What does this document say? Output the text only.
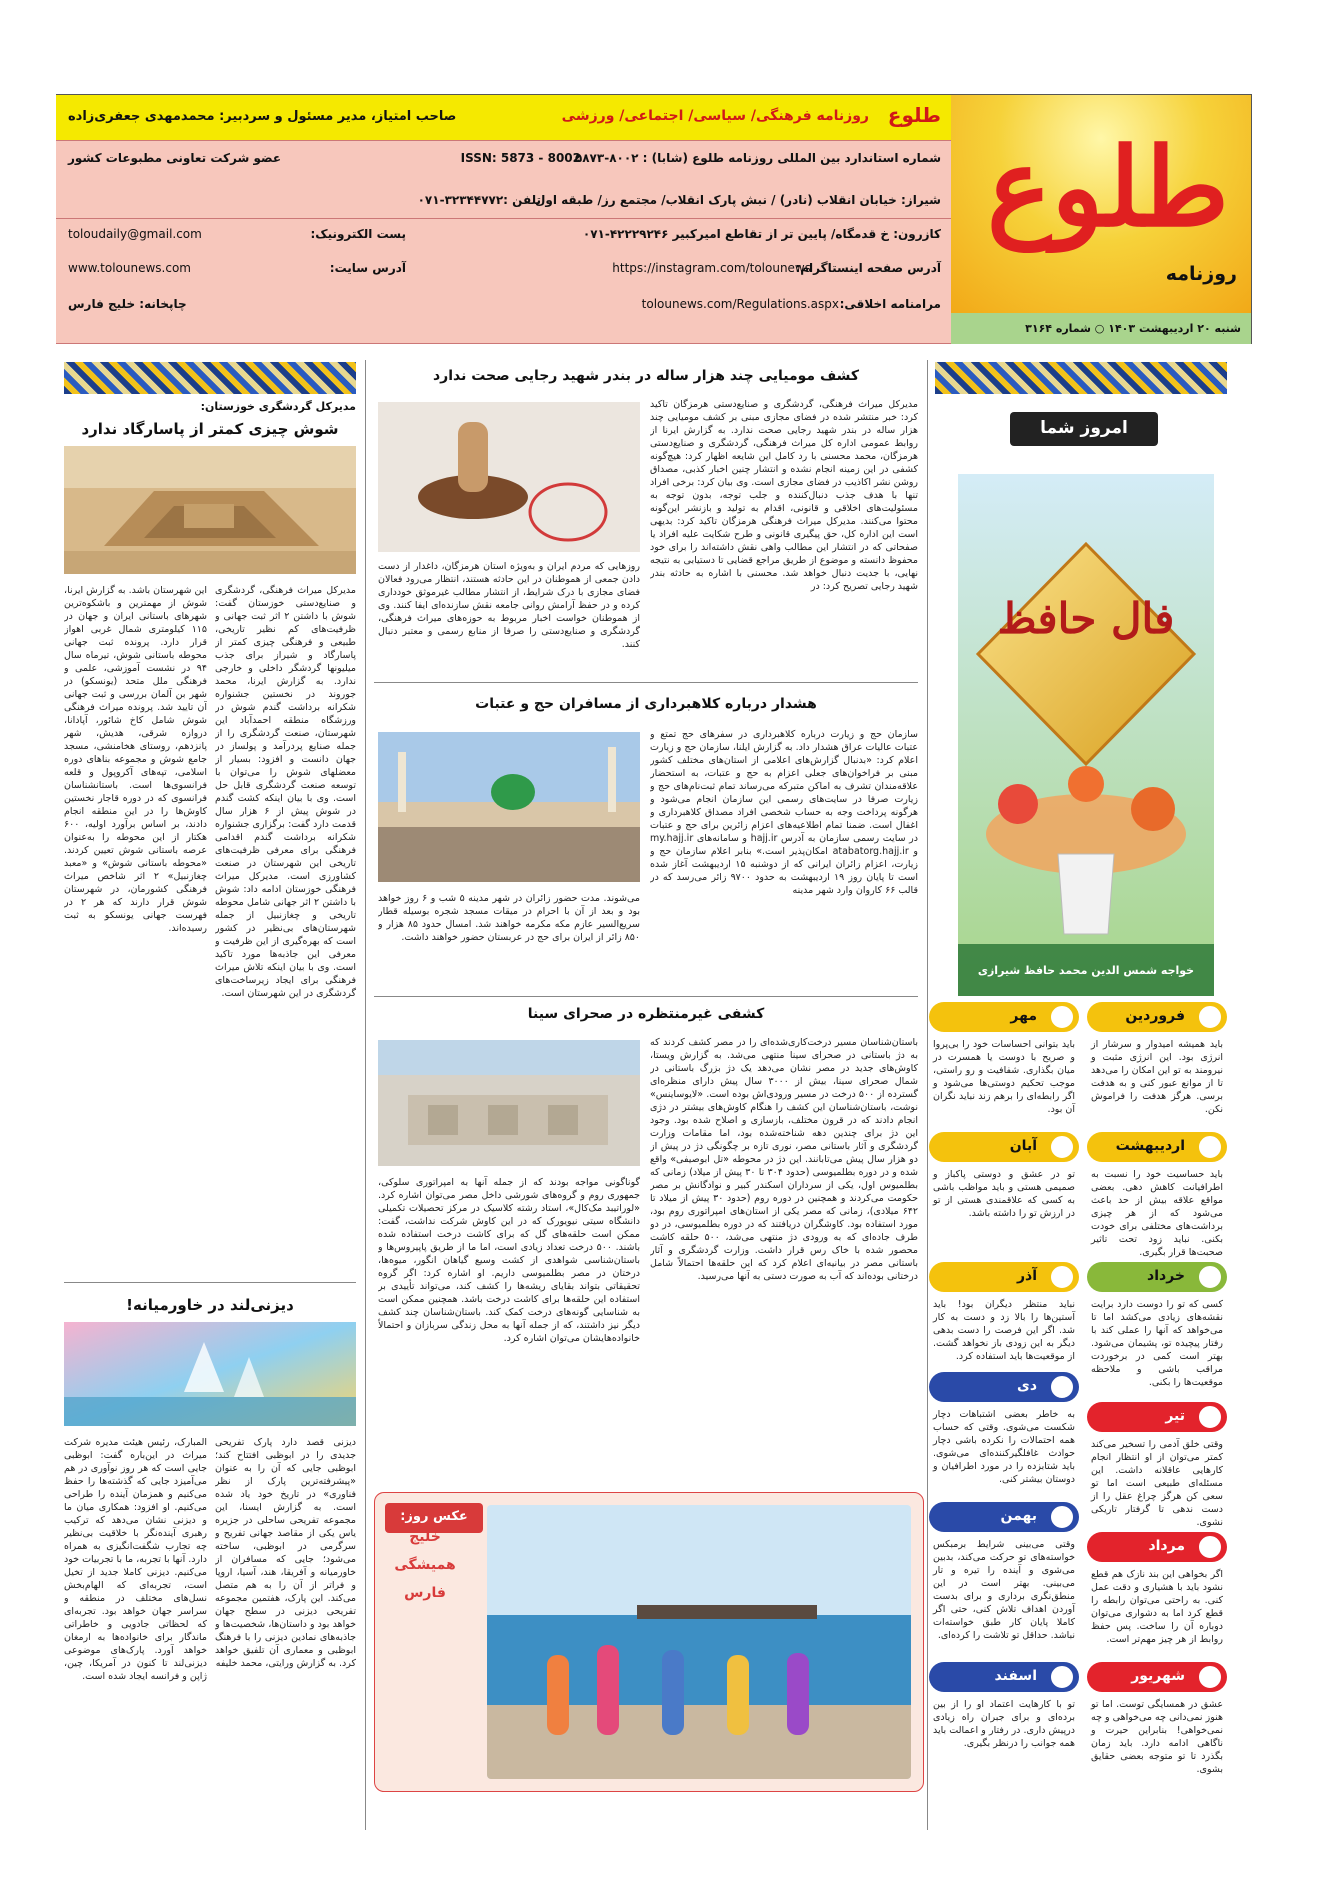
طلوع
روزنامه
شنبه ۲۰ اردیبهشت ۱۴۰۳ ○ شماره ۳۱۶۴
طلوع
روزنامه فرهنگی/ سیاسی/ اجتماعی/ ورزشی
صاحب امتیاز، مدیر مسئول و سردبیر: محمدمهدی جعفری‌زاده
شماره استاندارد بین المللی روزنامه طلوع (شابا) : ۸۰۰۲-۵۸۷۳
ISSN: 5873 - 8002
عضو شرکت تعاونی مطبوعات کشور
شیراز: خیابان انقلاب (نادر) / نبش پارک انقلاب/ مجتمع رز/ طبقه اول
تلفن :۳۲۳۴۴۷۷۲-۰۷۱
کازرون: خ قدمگاه/ پایین تر از تقاطع امیرکبیر ۴۲۲۲۹۲۴۶-۰۷۱
پست الکترونیک:
toloudaily@gmail.com
آدرس صفحه اینستاگرام:
https://instagram.com/tolounews
آدرس سایت:
www.tolounews.com
مرامنامه اخلاقی:
tolounews.com/Regulations.aspx
چاپخانه: خلیج فارس
مدیرکل گردشگری خوزستان:
شوش چیزی کمتر از پاسارگاد ندارد
مدیرکل میراث فرهنگی، گردشگری و صنایع‌دستی خوزستان گفت: شوش با داشتن ۲ اثر ثبت جهانی و ظرفیت‌های کم نظیر تاریخی، طبیعی و فرهنگی چیزی کمتر از پاسارگاد و شیراز برای جذب میلیونها گردشگر داخلی و خارجی ندارد. به گزارش ایرنا، محمد جوروند در نخستین جشنواره شکرانه برداشت گندم شوش در ورزشگاه منطقه احمدآباد این شهرستان، صنعت گردشگری را از جمله صنایع پردرآمد و پولساز در جهان دانست و افزود: بسیار از معضلهای شوش را می‌توان با توسعه صنعت گردشگری قابل حل است. وی با بیان اینکه کشت گندم در شوش پیش از ۶ هزار سال قدمت دارد گفت: برگزاری جشنواره شکرانه برداشت گندم اقدامی فرهنگی برای معرفی ظرفیت‌های تاریخی این شهرستان در صنعت کشاورزی است. مدیرکل میراث فرهنگی خوزستان ادامه داد: شوش با داشتن ۲ اثر جهانی شامل محوطه تاریخی و چغازنبیل از جمله شهرستان‌های بی‌نظیر در کشور است که بهره‌گیری از این ظرفیت و معرفی این جاذبه‌ها مورد تاکید است. وی با بیان اینکه تلاش میراث فرهنگی برای ایجاد زیرساخت‌های گردشگری در این شهرستان است.
این شهرستان باشد. به گزارش ایرنا، شوش از مهمترین و باشکوه‌ترین شهرهای باستانی ایران و جهان در ۱۱۵ کیلومتری شمال غربی اهواز قرار دارد. پرونده ثبت جهانی محوطه باستانی شوش، تیرماه سال ۹۴ در نشست آموزشی، علمی و فرهنگی ملل متحد (یونسکو) در شهر بن آلمان بررسی و ثبت جهانی آن تایید شد. پرونده میراث فرهنگی شوش شامل کاخ شائور، آپادانا، دروازه شرقی، هدیش، شهر پانزدهم، روستای هخامنشی، مسجد جامع شوش و مجموعه بناهای دوره اسلامی، تپه‌های آکروپول و قلعه فرانسوی‌ها است. باستانشناسان فرانسوی که در دوره قاجار نخستین کاوش‌ها را در این منطقه انجام دادند، بر اساس برآورد اولیه، ۶۰۰ هکتار از این محوطه را به‌عنوان عرصه باستانی شوش تعیین کردند. «محوطه باستانی شوش» و «معبد چغازنبیل» ۲ اثر شاخص میراث فرهنگی کشورمان، در شهرستان شوش قرار دارند که هر ۲ در فهرست جهانی یونسکو به ثبت رسیده‌اند.
دیزنی‌لند در خاورمیانه!
دیزنی قصد دارد پارک تفریحی جدیدی را در ابوظبی افتتاح کند؛ ابوظبی جایی که آن را به عنوان «پیشرفته‌ترین پارک از نظر فناوری» در تاریخ خود یاد شده است. به گزارش ایسنا، این مجموعه تفریحی ساحلی در جزیره یاس یکی از مقاصد جهانی تفریح و سرگرمی در ابوظبی، ساخته می‌شود؛ جایی که مسافران از خاورمیانه و آفریقا، هند، آسیا، اروپا و فراتر از آن را به هم متصل می‌کند. این پارک، هفتمین مجموعه تفریحی دیزنی در سطح جهان خواهد بود و داستان‌ها، شخصیت‌ها و جاذبه‌های نمادین دیزنی را با فرهنگ ابوظبی و معماری آن تلفیق خواهد کرد. به گزارش ورایتی، محمد خلیفه
المبارک، رئیس هیئت مدیره شرکت میراث در این‌باره گفت: ابوظبی جایی است که هر روز نوآوری در هم می‌آمیزد جایی که گذشته‌ها را حفظ می‌کنیم و همزمان آینده را طراحی می‌کنیم. او افزود: همکاری میان ما و دیزنی نشان می‌دهد که ترکیب رهبری آینده‌نگر با خلاقیت بی‌نظیر چه تجارب شگفت‌انگیزی به همراه دارد. آنها با تجربه، ما با تجربیات خود می‌کنیم. دیزنی کاملا جدید از تخیل است، تجربه‌ای که الهام‌بخش نسل‌های مختلف در منطقه و سراسر جهان خواهد بود. تجربه‌ای که لحظاتی جادویی و خاطراتی ماندگار برای خانواده‌ها به ارمغان خواهد آورد. پارک‌های موضوعی دیزنی‌لند تا کنون در آمریکا، چین، ژاپن و فرانسه ایجاد شده است.
کشف مومیایی چند هزار ساله در بندر شهید رجایی صحت ندارد
مدیرکل میراث فرهنگی، گردشگری و صنایع‌دستی هرمزگان تاکید کرد: خبر منتشر شده در فضای مجازی مبنی بر کشف مومیایی چند هزار ساله در بندر شهید رجایی صحت ندارد. به گزارش ایرنا از روابط عمومی اداره کل میراث فرهنگی، گردشگری و صنایع‌دستی هرمزگان، محمد محسنی با رد کامل این شایعه اظهار کرد: هیچ‌گونه کشفی در این زمینه انجام نشده و انتشار چنین اخبار کذبی، مصداق روشن نشر اکاذیب در فضای مجازی است. وی بیان کرد: برخی افراد تنها با هدف جذب دنبال‌کننده و جلب توجه، بدون توجه به مسئولیت‌های اخلاقی و قانونی، اقدام به تولید و بازنشر این‌گونه محتوا می‌کنند. مدیرکل میراث فرهنگی هرمزگان تاکید کرد: بدیهی است این اداره کل، حق پیگیری قانونی و طرح شکایت علیه افراد یا صفحاتی که در انتشار این مطالب واهی نقش داشته‌اند را برای خود محفوظ دانسته و موضوع از طریق مراجع قضایی تا دستیابی به نتیجه نهایی، با جدیت دنبال خواهد شد. محسنی با اشاره به حادثه بندر شهید رجایی تصریح کرد: در
روزهایی که مردم ایران و به‌ویژه استان هرمزگان، داغدار از دست دادن جمعی از هموطنان در این حادثه هستند، انتظار می‌رود فعالان فضای مجازی با درک شرایط، از انتشار مطالب غیرموثق خودداری کرده و در حفظ آرامش روانی جامعه نقش سازنده‌ای ایفا کنند. وی از هموطنان خواست اخبار مربوط به حوزه‌های میراث فرهنگی، گردشگری و صنایع‌دستی را صرفا از منابع رسمی و معتبر دنبال کنند.
هشدار درباره کلاهبرداری از مسافران حج و عتبات
سازمان حج و زیارت درباره کلاهبرداری در سفرهای حج تمتع و عتبات عالیات عراق هشدار داد. به گزارش ایلنا، سازمان حج و زیارت اعلام کرد: «بدنبال گزارش‌های اعلامی از استان‌های مختلف کشور مبنی بر فراخوان‌های جعلی اعزام به حج و عتبات، به استحضار علاقه‌مندان تشرف به اماکن متبرکه می‌رساند تمام ثبت‌نام‌های حج و زیارت صرفا در سایت‌های رسمی این سازمان انجام می‌شود و هرگونه پرداخت وجه به حساب شخصی افراد مصداق کلاهبرداری و اغفال است. ضمنا تمام اطلاعیه‌های اعزام زائرین برای حج و عتبات در سایت رسمی سازمان به آدرس hajj.ir و سامانه‌های my.hajj.ir و atabatorg.hajj.ir امکان‌پذیر است.» بنابر اعلام سازمان حج و زیارت، اعزام زائران ایرانی که از دوشنبه ۱۵ اردیبهشت آغاز شده است تا پایان روز ۱۹ اردیبهشت به حدود ۹۷۰۰ زائر می‌رسد که در قالب ۶۶ کاروان وارد شهر مدینه
می‌شوند. مدت حضور زائران در شهر مدینه ۵ شب و ۶ روز خواهد بود و بعد از آن با احرام در میقات مسجد شجره بوسیله قطار سریع‌السیر عازم مکه مکرمه خواهند شد. امسال حدود ۸۵ هزار و ۸۵۰ زائر از ایران برای حج در عربستان حضور خواهند داشت.
کشفی غیرمنتظره در صحرای سینا
باستان‌شناسان مسیر درخت‌کاری‌شده‌ای را در مصر کشف کردند که به دژ باستانی در صحرای سینا منتهی می‌شد. به گزارش ویستا، کاوش‌های جدید در مصر نشان می‌دهد یک دژ بزرگ باستانی در شمال صحرای سینا، بیش از ۳۰۰۰ سال پیش دارای منظره‌ای گسترده از ۵۰۰ درخت در مسیر ورودی‌اش بوده است. «لایوساینس» نوشت، باستان‌شناسان این کشف را هنگام کاوش‌های بیشتر در دژی انجام دادند که در قرون مختلف، بازسازی و اصلاح شده بود. وجود این دژ برای چندین دهه شناخته‌شده بود، اما مقامات وزارت گردشگری و آثار باستانی مصر، نوری تازه بر چگونگی دژ در پیش از دو هزار سال پیش می‌تابانند. این دژ در محوطه «تل ابوصیفی» واقع شده و در دوره بطلمیوسی (حدود ۳۰۴ تا ۳۰ پیش از میلاد) زمانی که بطلمیوس اول، یکی از سرداران اسکندر کبیر و نوادگانش بر مصر حکومت می‌کردند و همچنین در دوره روم (حدود ۳۰ پیش از میلاد تا ۶۴۲ میلادی)، زمانی که مصر یکی از استان‌های امپراتوری روم بود، مورد استفاده بود. کاوشگران دریافتند که در دوره بطلمیوسی، در دو طرف جاده‌ای که به ورودی دژ منتهی می‌شد، ۵۰۰ حلقه کاشت محصور شده با خاک رس قرار داشت. وزارت گردشگری و آثار باستانی مصر در بیانیه‌ای اعلام کرد که این حلقه‌ها احتمالاً شامل درختانی بوده‌اند که آب به صورت دستی به آنها می‌رسید.
گوناگونی مواجه بودند که از جمله آنها به امپراتوری سلوکی، جمهوری روم و گروه‌های شورشی داخل مصر می‌توان اشاره کرد. «لوراتیبد مک‌کال»، استاد رشته کلاسیک در مرکز تحصیلات تکمیلی دانشگاه سیتی نیویورک که در این کاوش شرکت نداشت، گفت: ممکن است حلقه‌های گل که برای کاشت درخت استفاده شده باشند. ۵۰۰ درخت تعداد زیادی است، اما ما از طریق پاپیروس‌ها و باستان‌شناسی شواهدی از کشت وسیع گیاهان انگور، میوه‌ها، درختان در مصر بطلمیوسی داریم. او اشاره کرد: اگر گروه تحقیقاتی بتواند بقایای ریشه‌ها را کشف کند، می‌تواند تأییدی بر استفاده این حلقه‌ها برای کاشت درخت باشد. همچنین ممکن است به شناسایی گونه‌های درخت کمک کند. باستان‌شناسان چند کشف دیگر نیز داشتند، که از جمله آنها به محل زندگی سربازان و احتمالاً خانواده‌هایشان می‌توان اشاره کرد.
عکس روز:
خلیج همیشگی فارس
امروز شما
فال حافظ
خواجه شمس الدین محمد حافظ شیرازی
فروردین
باید همیشه امیدوار و سرشار از انرژی بود. این انرژی مثبت و نیرومند به تو این امکان را می‌دهد تا از موانع عبور کنی و به هدفت برسی. هرگز هدفت را فراموش نکن.
اردیبهشت
باید حساسیت خود را نسبت به اطرافیانت کاهش دهی. بعضی مواقع علاقه بیش از حد باعث می‌شود که از هر چیزی برداشت‌های مختلفی برای خودت بکنی. نباید زود تحت تاثیر صحبت‌ها قرار بگیری.
خرداد
کسی که تو را دوست دارد برایت نقشه‌های زیادی می‌کشد اما تا می‌خواهد که آنها را عملی کند با رفتار پیچیده تو، پشیمان می‌شود. بهتر است کمی در برخوردت مراقب باشی و ملاحظه موقعیت‌ها را بکنی.
تیر
وقتی خلق آدمی را تسخیر می‌کند کمتر می‌توان از او انتظار انجام کارهایی عاقلانه داشت. این مسئله‌ای طبیعی است اما تو سعی کن هرگز چراغ عقل را از دست ندهی تا گرفتار تاریکی نشوی.
مرداد
اگر بخواهی این بند نازک هم قطع نشود باید با هشیاری و دقت عمل کنی. به راحتی می‌توان رابطه را قطع کرد اما به دشواری می‌توان دوباره آن را ساخت. پس حفظ روابط از هر چیز مهم‌تر است.
شهریور
عشق در همسایگی توست. اما تو هنوز نمی‌دانی چه می‌خواهی و چه نمی‌خواهی! بنابراین حیرت و ناگاهی ادامه دارد. باید زمان بگذرد تا تو متوجه بعضی حقایق بشوی.
مهر
باید بتوانی احساسات خود را بی‌پروا و صریح با دوست یا همسرت در میان بگذاری. شفافیت و رو راستی، موجب تحکیم دوستی‌ها می‌شود و اگر رابطه‌ای را برهم زند نباید نگران آن بود.
آبان
تو در عشق و دوستی پاکباز و صمیمی هستی و باید مواظب باشی به کسی که علاقمندی هستی از تو در ارزش تو را داشته باشد.
آذر
نباید منتظر دیگران بود! باید آستین‌ها را بالا زد و دست به کار شد. اگر این فرصت را دست بدهی دیگر به این زودی باز نخواهد گشت. از موقعیت‌ها باید استفاده کرد.
دی
به خاطر بعضی اشتباهات دچار شکست می‌شوی. وقتی که حساب همه احتمالات را نکرده باشی دچار حوادث غافلگیرکننده‌ای می‌شوی. باید شتابزده را در مورد اطرافیان و دوستان بیشتر کنی.
بهمن
وقتی می‌بینی شرایط برمبکس خواسته‌های تو حرکت می‌کند، بدبین می‌شوی و آینده را تیره و تار می‌بینی. بهتر است در این منطق‌نگری برداری و برای بدست آوردن اهداف تلاش کنی، حتی اگر کاملا پایان کار طبق خواسته‌ات نباشد. حداقل تو تلاشت را کرده‌ای.
اسفند
تو با کارهایت اعتماد او را از بین برده‌ای و برای جبران راه زیادی درپیش داری. در رفتار و اعمالت باید همه جوانب را درنظر بگیری.
